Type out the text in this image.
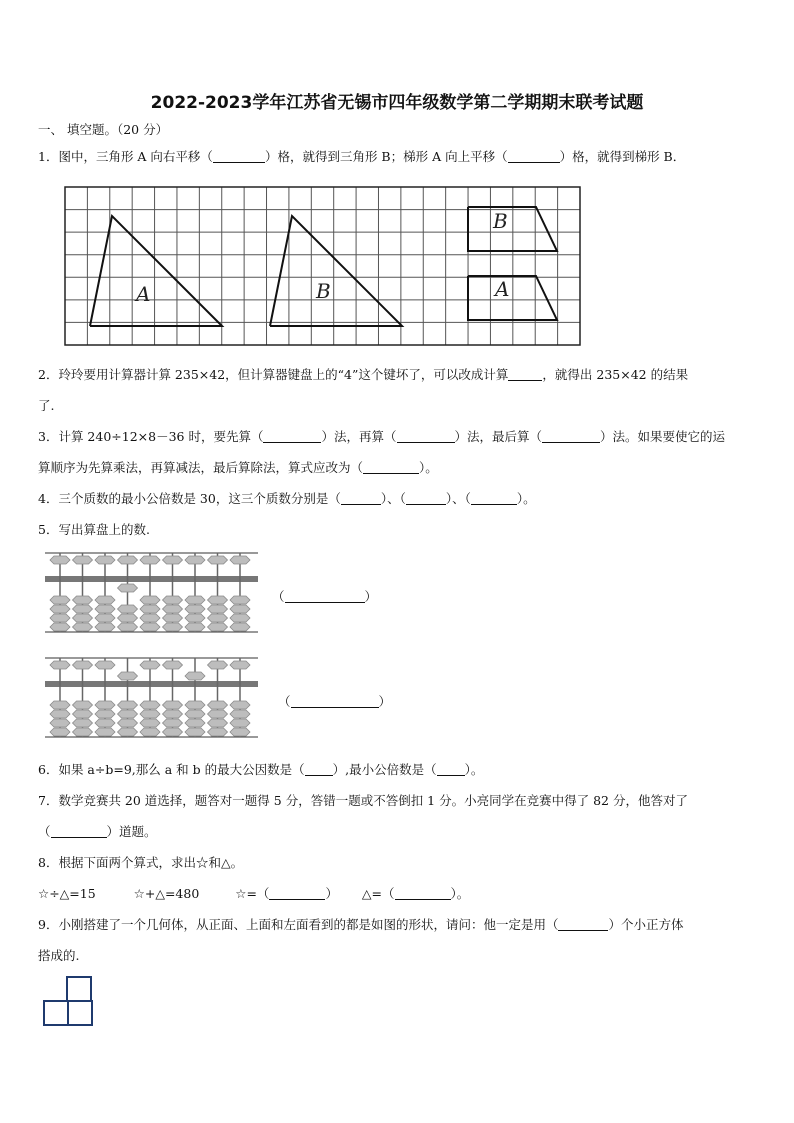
2022-2023学年江苏省无锡市四年级数学第二学期期末联考试题
一、 填空题。（20 分）
1．图中，三角形 A 向右平移（	）格，就得到三角形 B；梯形 A 向上平移（	）格，就得到梯形 B．
A	B
B
A
2．玲玲要用计算器计算 235×42，但计算器键盘上的“4”这个键坏了，可以改成计算	，就得出 235×42 的结果
了.
3．计算 240÷12×8－36 时，要先算（	）法，再算（	）法，最后算（	）法。如果要使它的运
算顺序为先算乘法，再算减法，最后算除法，算式应改为（	）。
4．三个质数的最小公倍数是 30，这三个质数分别是（	）、（	）、（	）。
5．写出算盘上的数.
（	）
（	）
6．如果 a÷b=9,那么 a 和 b 的最大公因数是（ ）,最小公倍数是（ ）。
7．数学竞赛共 20 道选择，题答对一题得 5 分，答错一题或不答倒扣 1 分。小亮同学在竞赛中得了 82 分，他答对了
（	）道题。
8．根据下面两个算式，求出☆和△。
☆÷△=15	☆+△=480	☆=（	） △=（	）。
9．小刚搭建了一个几何体，从正面、上面和左面看到的都是如图的形状，请问：他一定是用（	）个小正方体
搭成的.
